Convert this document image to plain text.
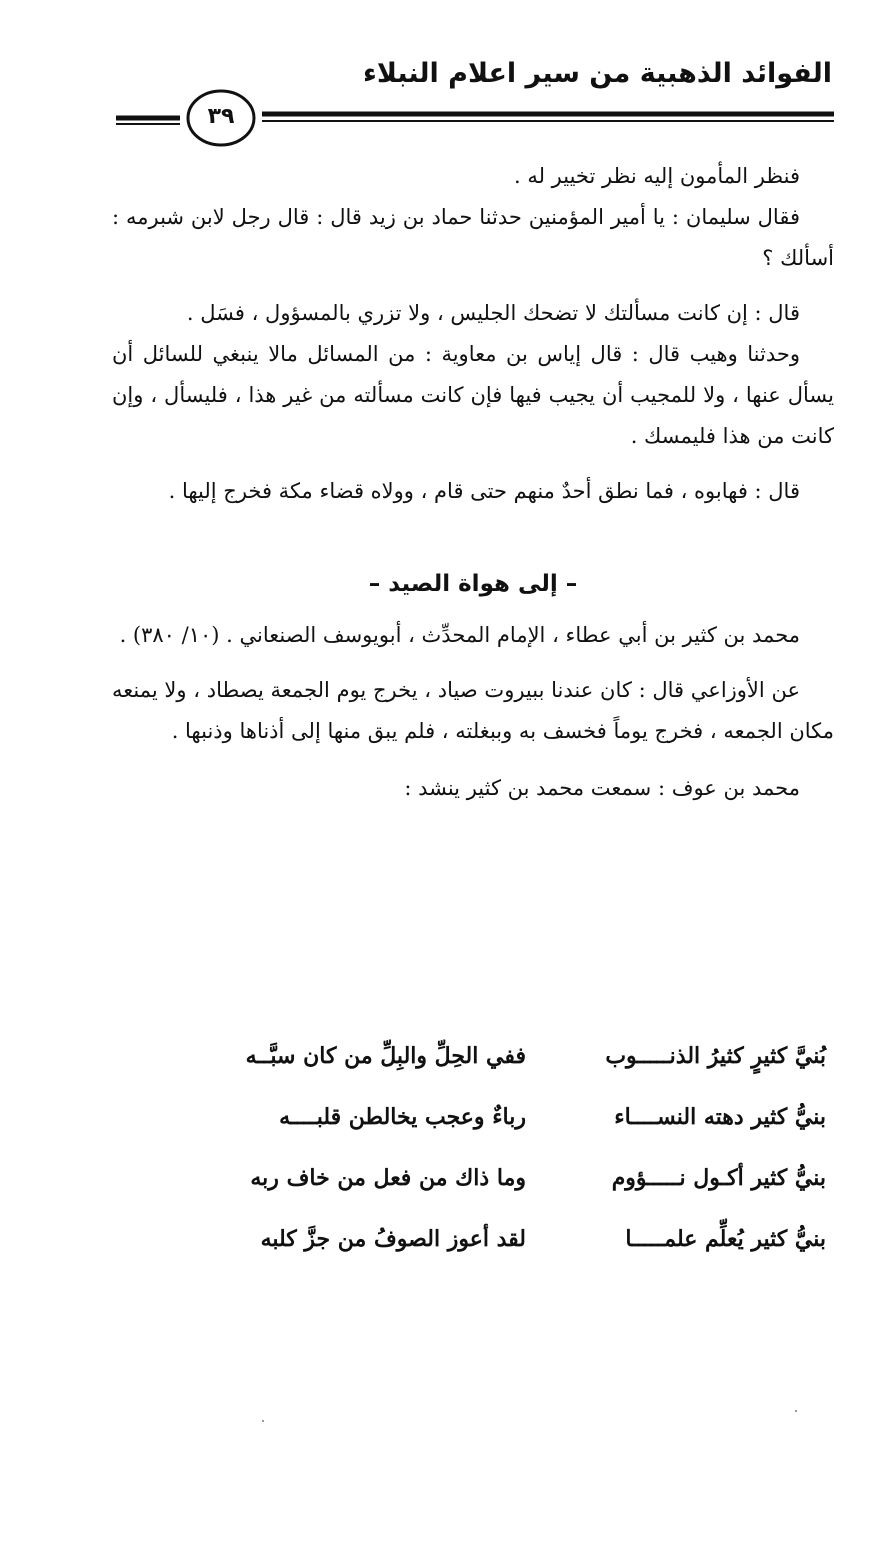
الفوائد الذهبية من سير اعلام النبلاء
٣٩

فنظر المأمون إليه نظر تخيير له .

فقال سليمان : يا أمير المؤمنين حدثنا حماد بن زيد قال : قال رجل لابن شبرمه : أسألك ؟

قال : إن كانت مسألتك لا تضحك الجليس ، ولا تزري بالمسؤول ، فسَل .

وحدثنا وهيب قال : قال إياس بن معاوية : من المسائل مالا ينبغي للسائل أن يسأل عنها ، ولا للمجيب أن يجيب فيها فإن كانت مسألته من غير هذا ، فليسأل ، وإن كانت من هذا فليمسك .

قال : فهابوه ، فما نطق أحدٌ منهم حتى قام ، وولاه قضاء مكة فخرج إليها .

– إلى هواة الصيد –

محمد بن كثير بن أبي عطاء ، الإمام المحدِّث ، أبويوسف الصنعاني . (١٠/ ٣٨٠) .

عن الأوزاعي قال : كان عندنا ببيروت صياد ، يخرج يوم الجمعة يصطاد ، ولا يمنعه مكان الجمعه ، فخرج يوماً فخسف به وببغلته ، فلم يبق منها إلى أذناها وذنبها .

محمد بن عوف : سمعت محمد بن كثير ينشد :

بُنيَّ كثيرٍ كثيرُ الذنـــــوب
ففي الحِلِّ والبِلِّ من كان سبَّــه
بنيُّ كثير دهته النســــاء
رباءٌ وعجب يخالطن قلبــــه
بنيُّ كثير أكـول نـــــؤوم
وما ذاك من فعل من خاف ربه
بنيُّ كثير يُعلِّم علمـــــا
لقد أعوز الصوفُ من جزَّ كلبه
